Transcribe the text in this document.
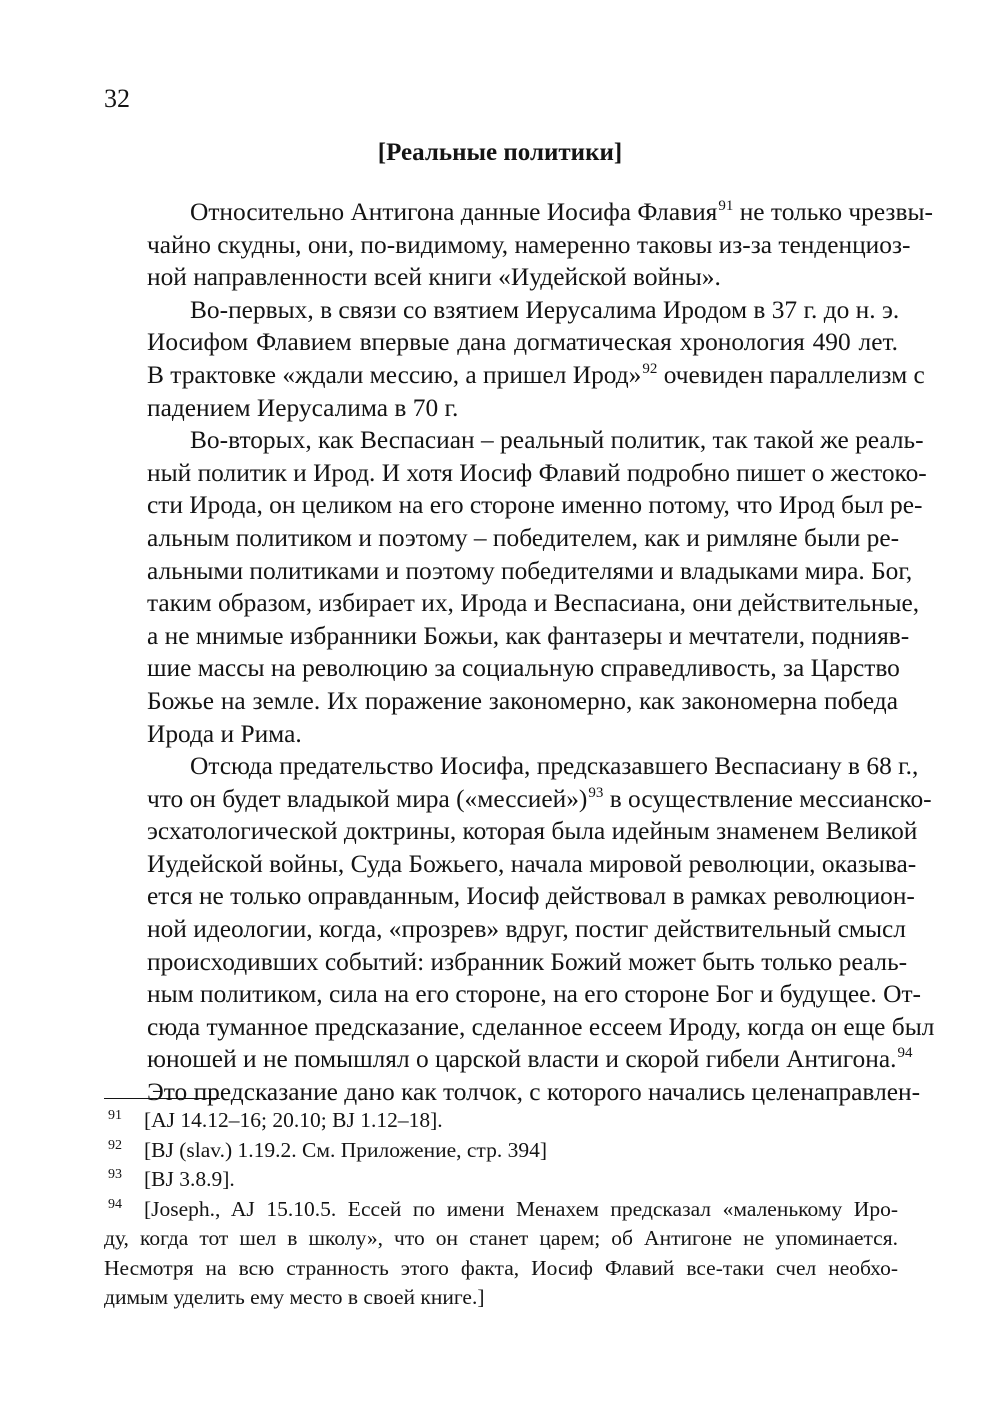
32
[Реальные политики]
Относительно Антигона данные Иосифа Флавия$^{91}$ не только чрезвы-
чайно скудны, они, по-видимому, намеренно таковы из-за тенденциоз-
ной направленности всей книги «Иудейской войны».
Во-первых, в связи со взятием Иерусалима Иродом в 37 г. до н. э.
Иосифом Флавием впервые дана догматическая хронология 490 лет.
В трактовке «ждали мессию, а пришел Ирод»$^{92}$ очевиден параллелизм с
падением Иерусалима в 70 г.
Во-вторых, как Веспасиан – реальный политик, так такой же реаль-
ный политик и Ирод. И хотя Иосиф Флавий подробно пишет о жестоко-
сти Ирода, он целиком на его стороне именно потому, что Ирод был ре-
альным политиком и поэтому – победителем, как и римляне были ре-
альными политиками и поэтому победителями и владыками мира. Бог,
таким образом, избирает их, Ирода и Веспасиана, они действительные,
а не мнимые избранники Божьи, как фантазеры и мечтатели, поднияв-
шие массы на революцию за социальную справедливость, за Царство
Божье на земле. Их поражение закономерно, как закономерна победа
Ирода и Рима.
Отсюда предательство Иосифа, предсказавшего Веспасиану в 68 г.,
что он будет владыкой мира («мессией»)$^{93}$ в осуществление мессианско-
эсхатологической доктрины, которая была идейным знаменем Великой
Иудейской войны, Суда Божьего, начала мировой революции, оказыва-
ется не только оправданным, Иосиф действовал в рамках революцион-
ной идеологии, когда, «прозрев» вдруг, постиг действительный смысл
происходивших событий: избранник Божий может быть только реаль-
ным политиком, сила на его стороне, на его стороне Бог и будущее. От-
сюда туманное предсказание, сделанное ессеем Ироду, когда он еще был
юношей и не помышлял о царской власти и скорой гибели Антигона.$^{94}$
Это предсказание дано как толчок, с которого начались целенаправлен-
91 [AJ 14.12–16; 20.10; BJ 1.12–18].
92 [BJ (slav.) 1.19.2. См. Приложение, стр. 394]
93 [BJ 3.8.9].
94 [Joseph., AJ 15.10.5. Ессей по имени Менахем предсказал «маленькому Иро-
ду, когда тот шел в школу», что он станет царем; об Антигоне не упоминается.
Несмотря на всю странность этого факта, Иосиф Флавий все-таки счел необхо-
димым уделить ему место в своей книге.]
